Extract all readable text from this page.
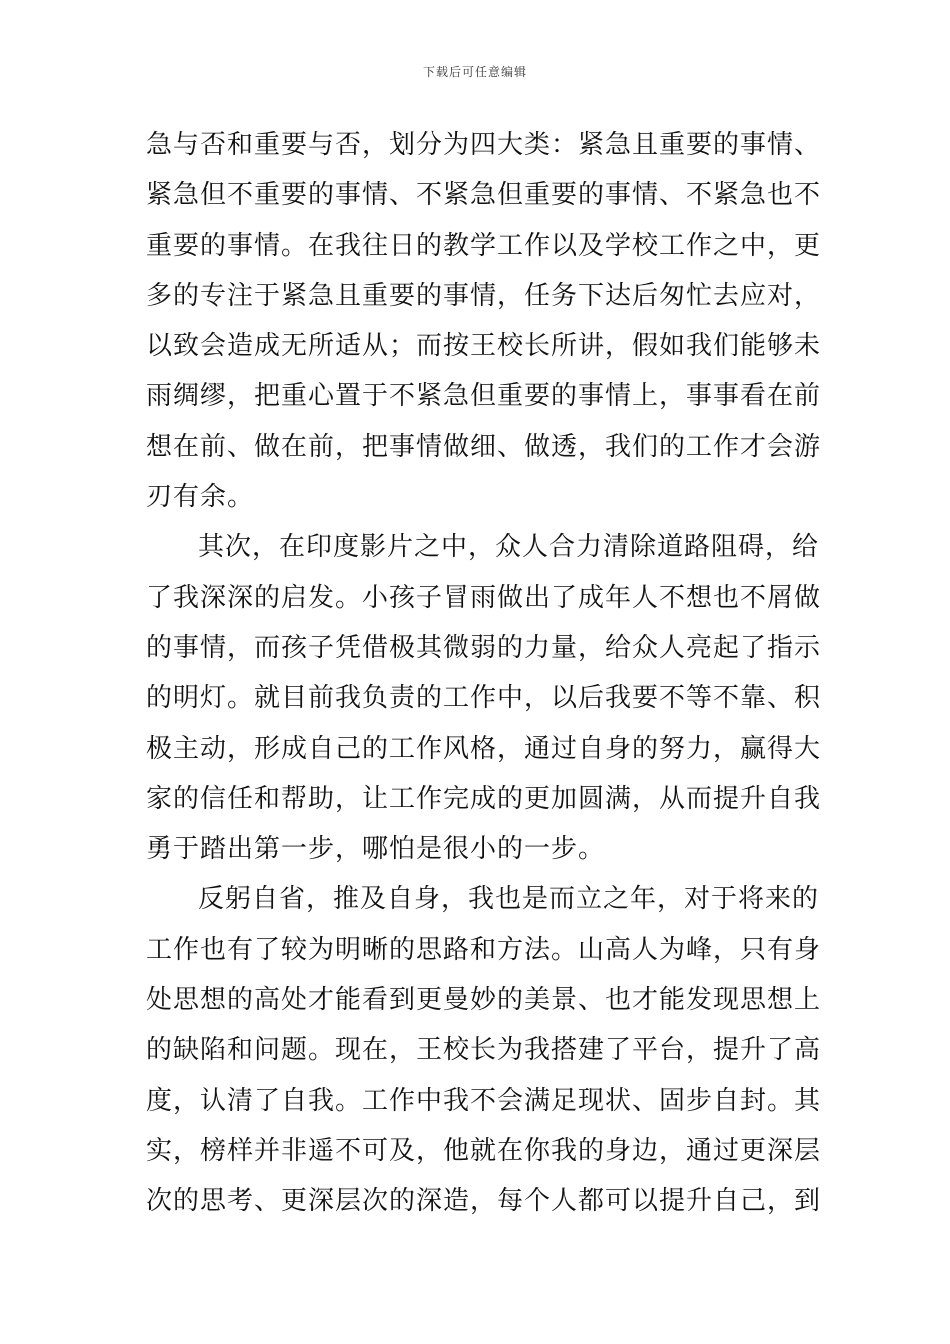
下载后可任意编辑
急与否和重要与否，划分为四大类：紧急且重要的事情、
紧急但不重要的事情、不紧急但重要的事情、不紧急也不
重要的事情。在我往日的教学工作以及学校工作之中，更
多的专注于紧急且重要的事情，任务下达后匆忙去应对，
以致会造成无所适从；而按王校长所讲，假如我们能够未
雨绸缪，把重心置于不紧急但重要的事情上，事事看在前
想在前、做在前，把事情做细、做透，我们的工作才会游
刃有余。
其次，在印度影片之中，众人合力清除道路阻碍，给
了我深深的启发。小孩子冒雨做出了成年人不想也不屑做
的事情，而孩子凭借极其微弱的力量，给众人亮起了指示
的明灯。就目前我负责的工作中，以后我要不等不靠、积
极主动，形成自己的工作风格，通过自身的努力，赢得大
家的信任和帮助，让工作完成的更加圆满，从而提升自我
勇于踏出第一步，哪怕是很小的一步。
反躬自省，推及自身，我也是而立之年，对于将来的
工作也有了较为明晰的思路和方法。山高人为峰，只有身
处思想的高处才能看到更曼妙的美景、也才能发现思想上
的缺陷和问题。现在，王校长为我搭建了平台，提升了高
度，认清了自我。工作中我不会满足现状、固步自封。其
实，榜样并非遥不可及，他就在你我的身边，通过更深层
次的思考、更深层次的深造，每个人都可以提升自己，到
